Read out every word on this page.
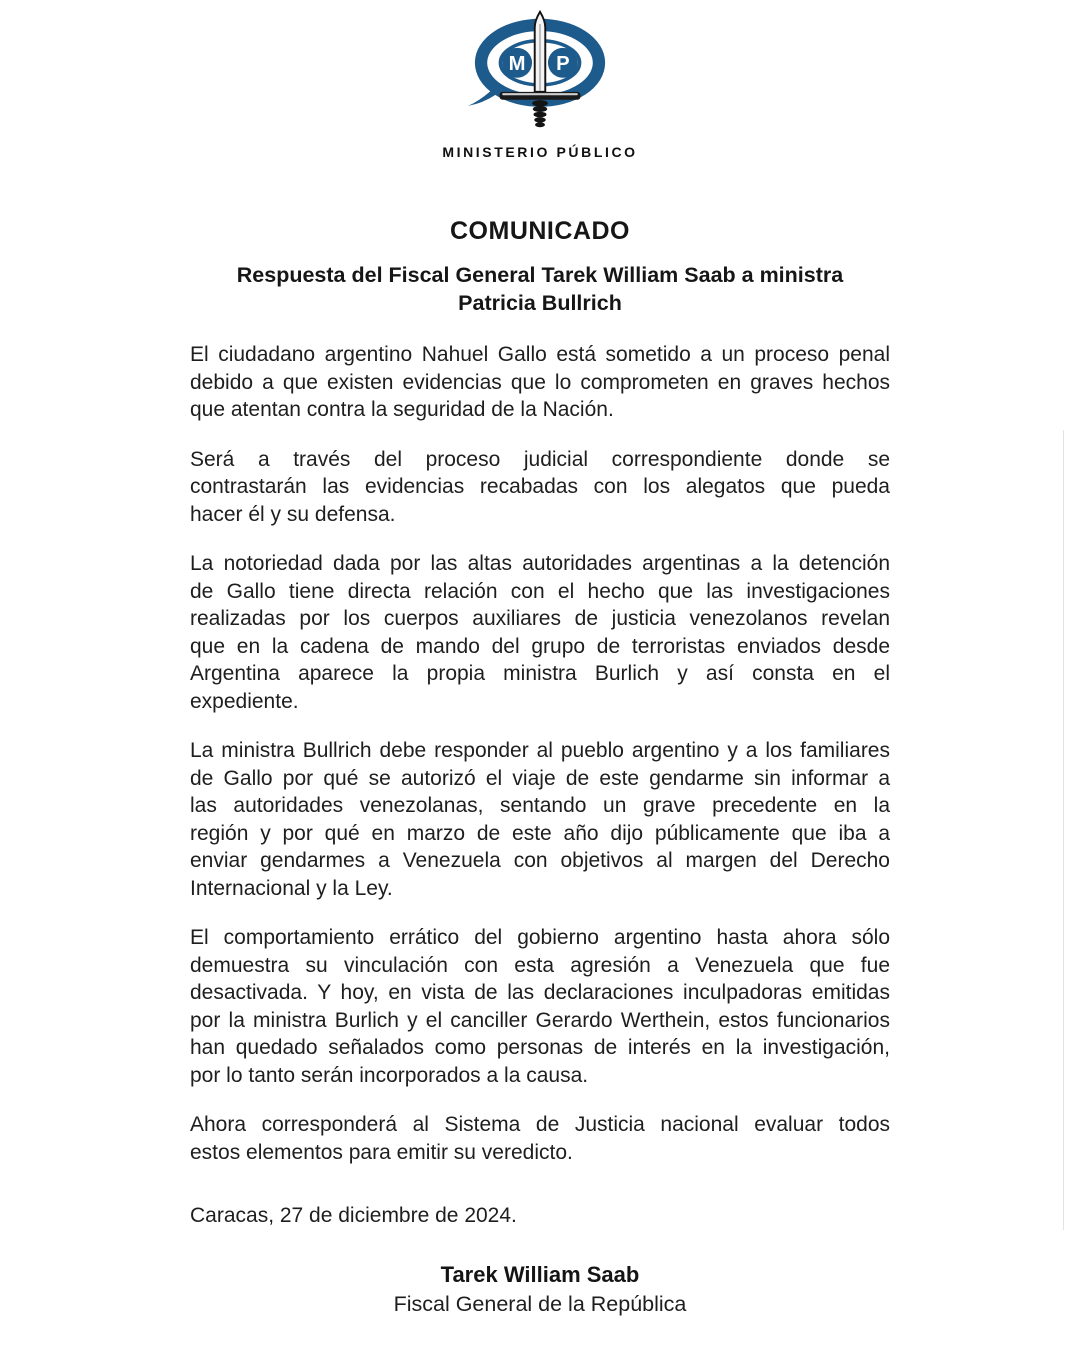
M P
MINISTERIO PÚBLICO
COMUNICADO
Respuesta del Fiscal General Tarek William Saab a ministra
Patricia Bullrich
El ciudadano argentino Nahuel Gallo está sometido a un proceso penal
debido a que existen evidencias que lo comprometen en graves hechos
que atentan contra la seguridad de la Nación.
Será a través del proceso judicial correspondiente donde se
contrastarán las evidencias recabadas con los alegatos que pueda
hacer él y su defensa.
La notoriedad dada por las altas autoridades argentinas a la detención
de Gallo tiene directa relación con el hecho que las investigaciones
realizadas por los cuerpos auxiliares de justicia venezolanos revelan
que en la cadena de mando del grupo de terroristas enviados desde
Argentina aparece la propia ministra Burlich y así consta en el
expediente.
La ministra Bullrich debe responder al pueblo argentino y a los familiares
de Gallo por qué se autorizó el viaje de este gendarme sin informar a
las autoridades venezolanas, sentando un grave precedente en la
región y por qué en marzo de este año dijo públicamente que iba a
enviar gendarmes a Venezuela con objetivos al margen del Derecho
Internacional y la Ley.
El comportamiento errático del gobierno argentino hasta ahora sólo
demuestra su vinculación con esta agresión a Venezuela que fue
desactivada. Y hoy, en vista de las declaraciones inculpadoras emitidas
por la ministra Burlich y el canciller Gerardo Werthein, estos funcionarios
han quedado señalados como personas de interés en la investigación,
por lo tanto serán incorporados a la causa.
Ahora corresponderá al Sistema de Justicia nacional evaluar todos
estos elementos para emitir su veredicto.

Caracas, 27 de diciembre de 2024.

Tarek William Saab
Fiscal General de la República
